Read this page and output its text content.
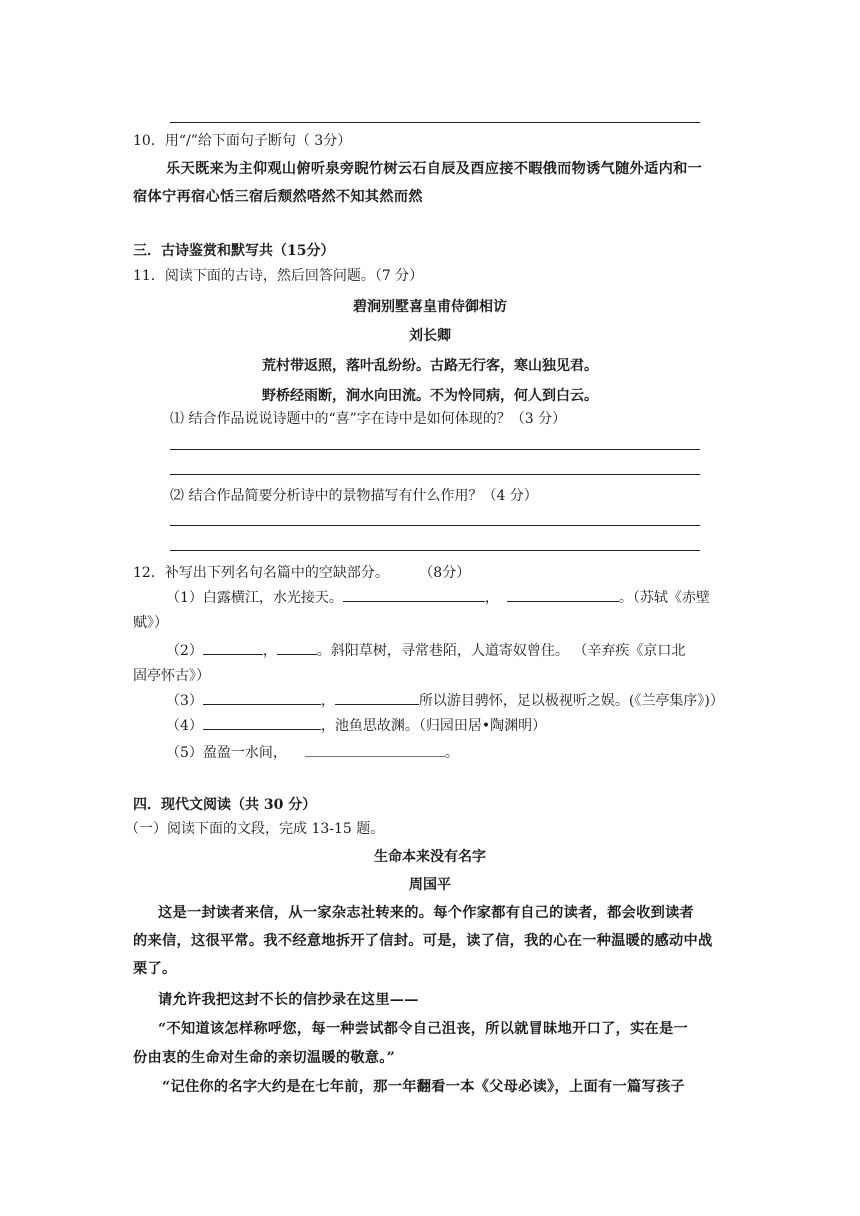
10．用“/”给下面句子断句（ 3分）
乐天既来为主仰观山俯听泉旁睨竹树云石自辰及酉应接不暇俄而物诱气随外适内和一
宿体宁再宿心恬三宿后颓然嗒然不知其然而然
三．古诗鉴赏和默写共（15分）
11．阅读下面的古诗，然后回答问题。（7 分）
碧涧别墅喜皇甫侍御相访
刘长卿
荒村带返照，落叶乱纷纷。古路无行客，寒山独见君。
野桥经雨断，涧水向田流。不为怜同病，何人到白云。
⑴ 结合作品说说诗题中的“喜”字在诗中是如何体现的？（3 分）
⑵ 结合作品简要分析诗中的景物描写有什么作用？（4 分）
12．补写出下列名句名篇中的空缺部分。 （8分）
（1）白露横江，水光接天。	，	。（苏轼《赤壁
赋》）
（2）	，	。斜阳草树，寻常巷陌，人道寄奴曾住。 （辛弃疾《京口北
固亭怀古》）
（3）	，	所以游目骋怀，足以极视听之娱。(《兰亭集序》)）
（4）	，池鱼思故渊。（归园田居•陶渊明）
（5）盈盈一水间，	。
四．现代文阅读（共 30 分）
（一）阅读下面的文段，完成 13-15 题。
生命本来没有名字
周国平
这是一封读者来信，从一家杂志社转来的。每个作家都有自己的读者，都会收到读者
的来信，这很平常。我不经意地拆开了信封。可是，读了信，我的心在一种温暖的感动中战
栗了。
请允许我把这封不长的信抄录在这里——
“不知道该怎样称呼您，每一种尝试都令自己沮丧，所以就冒昧地开口了，实在是一
份由衷的生命对生命的亲切温暖的敬意。”
“记住你的名字大约是在七年前，那一年翻看一本《父母必读》，上面有一篇写孩子
